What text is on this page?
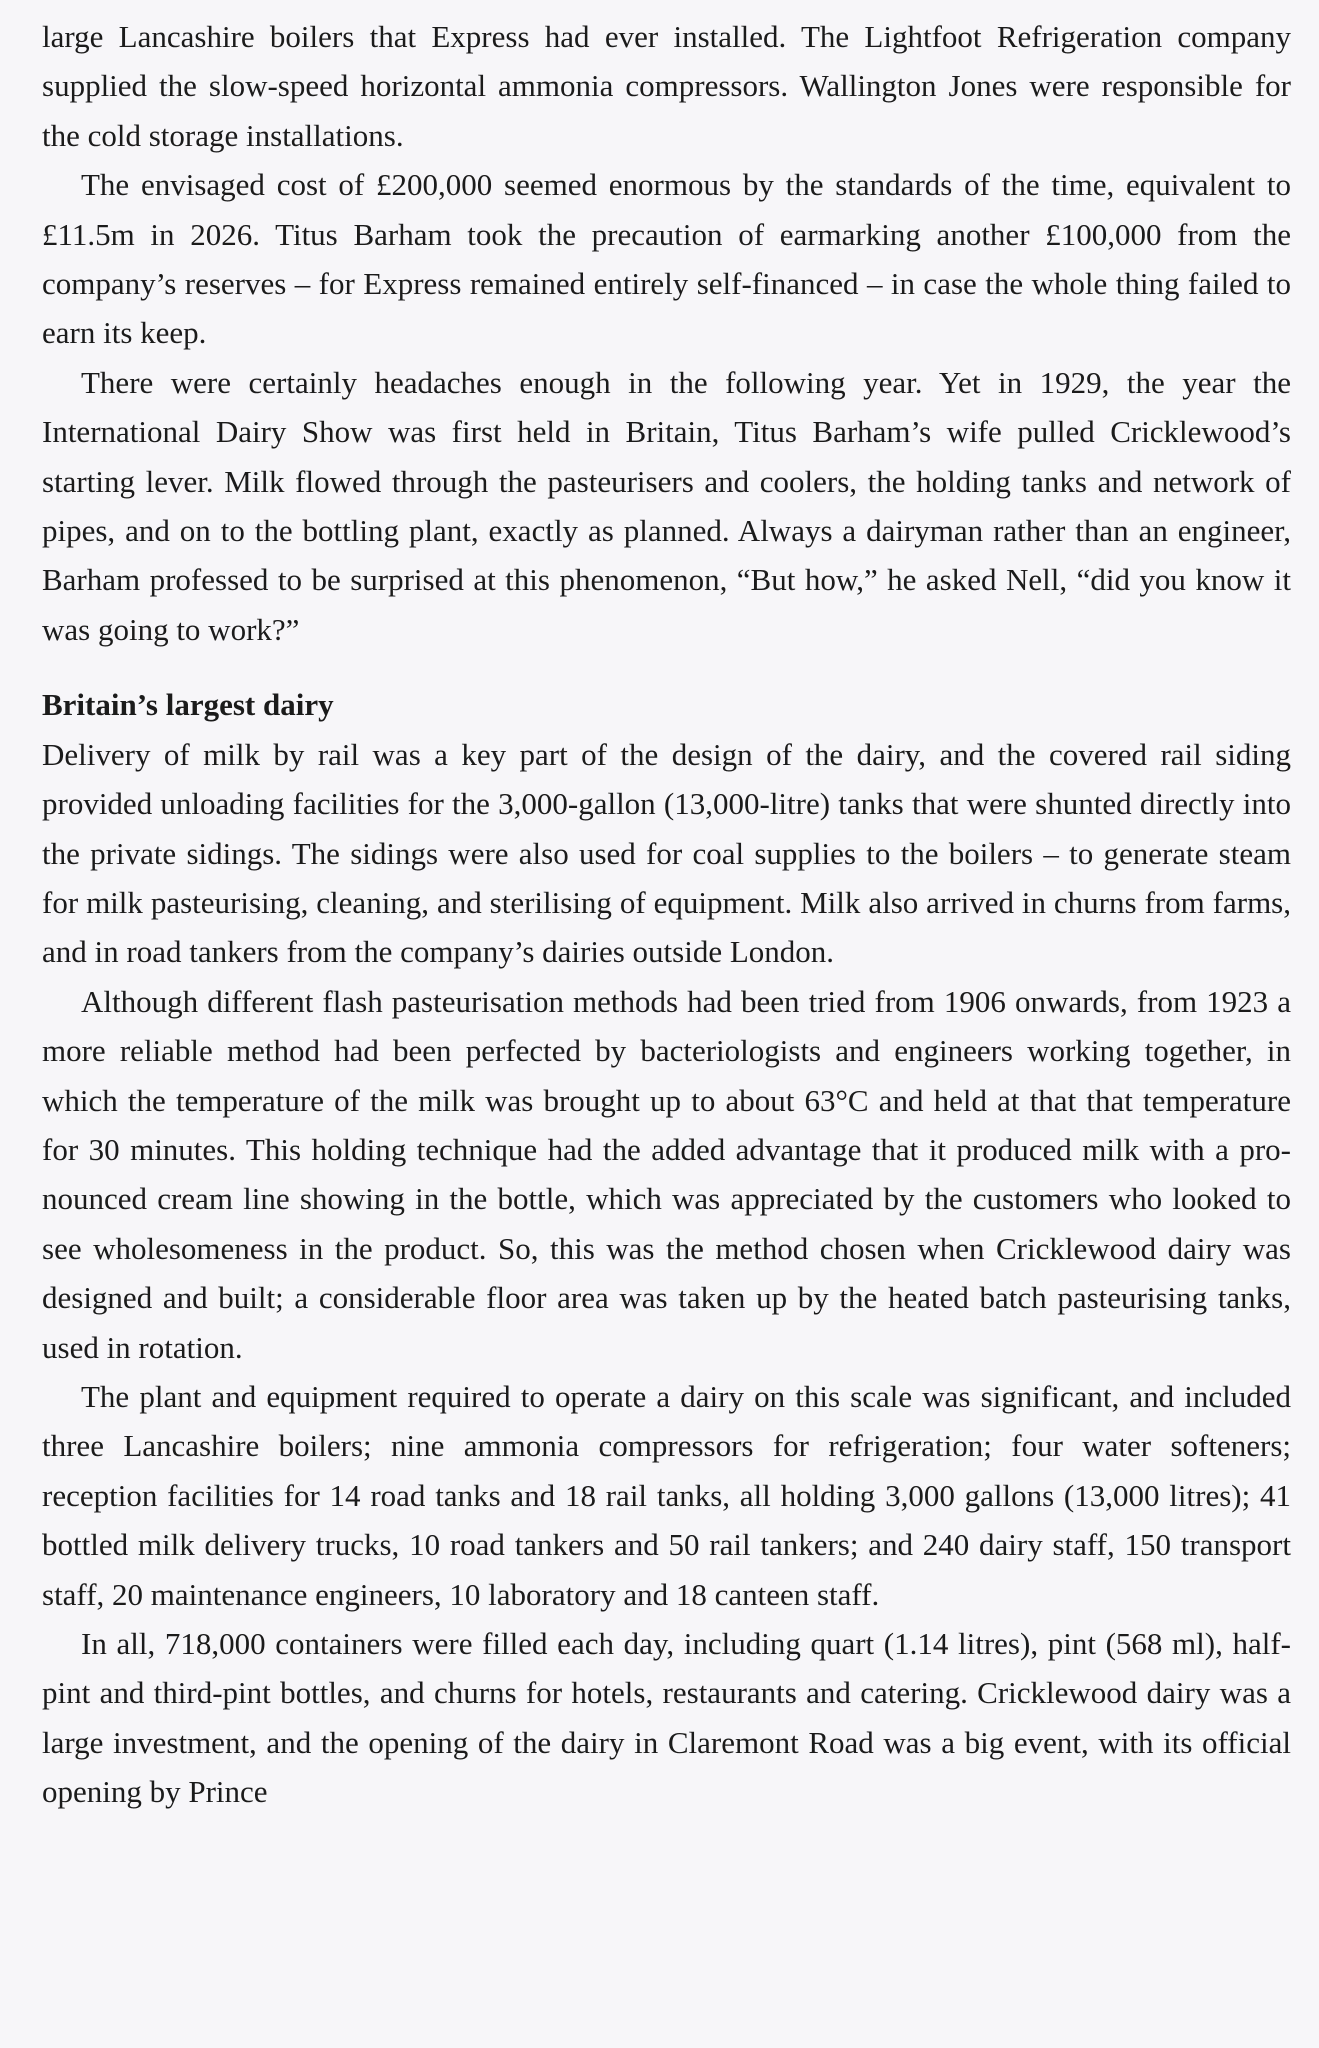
large Lancashire boilers that Express had ever installed. The Lightfoot Refrigeration company supplied the slow-speed horizontal ammonia compressors. Wallington Jones were responsible for the cold storage installations.

The envisaged cost of £200,000 seemed enormous by the standards of the time, equivalent to £11.5m in 2026. Titus Barham took the precaution of earmarking another £100,000 from the company’s reserves – for Express remained entirely self-financed – in case the whole thing failed to earn its keep.

There were certainly headaches enough in the following year. Yet in 1929, the year the International Dairy Show was first held in Britain, Titus Barham’s wife pulled Cricklewood’s starting lever. Milk flowed through the pasteurisers and coolers, the holding tanks and network of pipes, and on to the bottling plant, exactly as planned. Always a dairyman rather than an engineer, Barham professed to be surprised at this phenomenon, “But how,” he asked Nell, “did you know it was going to work?”

Britain’s largest dairy

Delivery of milk by rail was a key part of the design of the dairy, and the covered rail siding provided unloading facilities for the 3,000-gallon (13,000-litre) tanks that were shunted directly into the private sidings. The sidings were also used for coal supplies to the boilers – to generate steam for milk pasteurising, cleaning, and sterilising of equipment. Milk also arrived in churns from farms, and in road tankers from the company’s dairies outside London.

Although different flash pasteurisation methods had been tried from 1906 onwards, from 1923 a more reliable method had been perfected by bacteriologists and engineers working together, in which the temperature of the milk was brought up to about 63°C and held at that that temperature for 30 minutes. This holding technique had the added advantage that it produced milk with a pronounced cream line showing in the bottle, which was appreciated by the customers who looked to see wholesomeness in the product. So, this was the method chosen when Cricklewood dairy was designed and built; a considerable floor area was taken up by the heated batch pasteurising tanks, used in rotation.

The plant and equipment required to operate a dairy on this scale was significant, and included three Lancashire boilers; nine ammonia compressors for refrigeration; four water softeners; reception facilities for 14 road tanks and 18 rail tanks, all holding 3,000 gallons (13,000 litres); 41 bottled milk delivery trucks, 10 road tankers and 50 rail tankers; and 240 dairy staff, 150 transport staff, 20 maintenance engineers, 10 laboratory and 18 canteen staff.

In all, 718,000 containers were filled each day, including quart (1.14 litres), pint (568 ml), half-pint and third-pint bottles, and churns for hotels, restaurants and catering. Cricklewood dairy was a large investment, and the opening of the dairy in Claremont Road was a big event, with its official opening by Prince
